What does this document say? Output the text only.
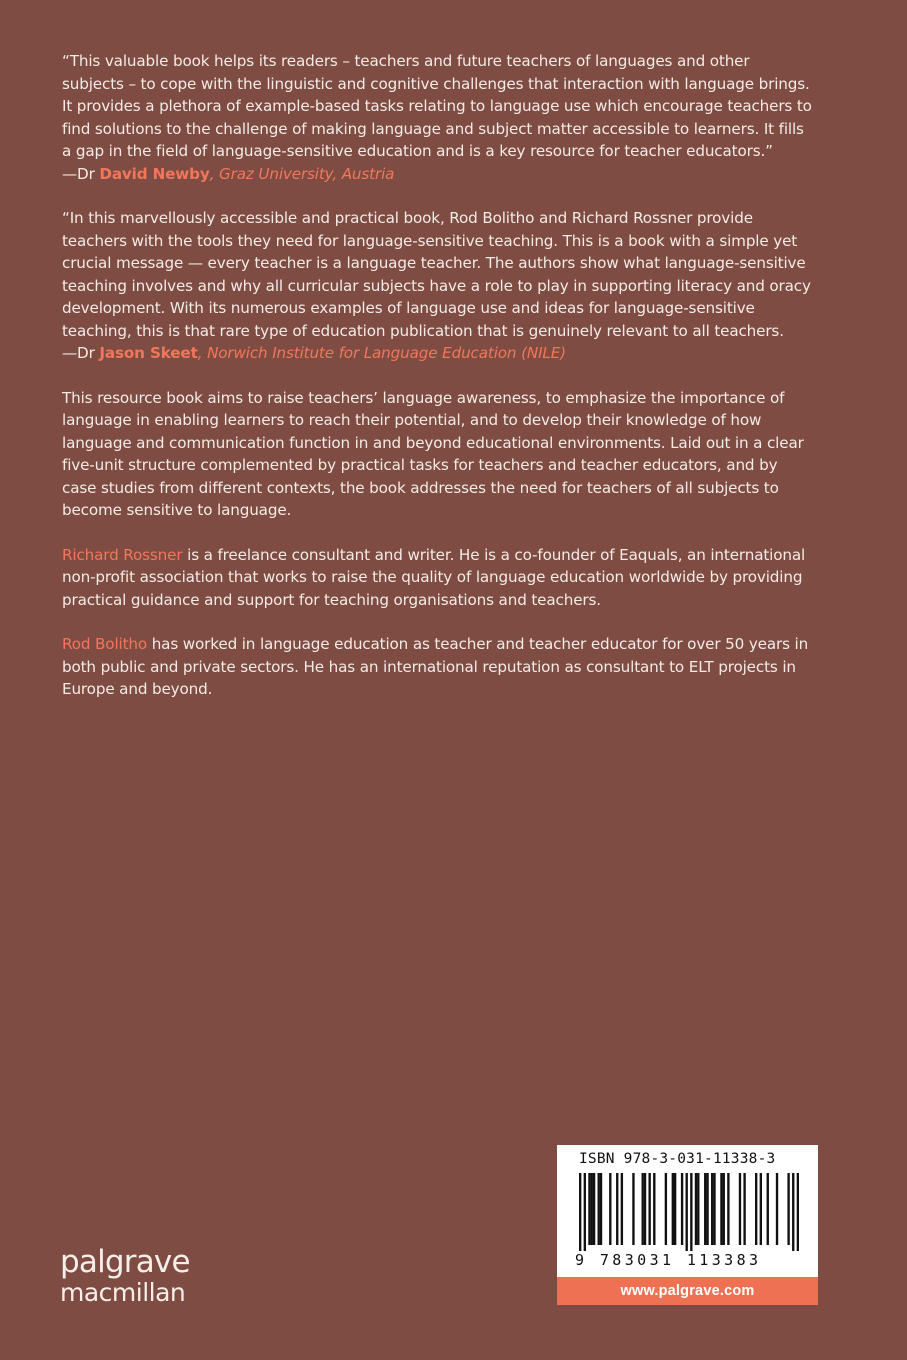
“This valuable book helps its readers – teachers and future teachers of languages and other subjects – to cope with the linguistic and cognitive challenges that interaction with language brings. It provides a plethora of example-based tasks relating to language use which encourage teachers to find solutions to the challenge of making language and subject matter accessible to learners. It fills a gap in the field of language-sensitive education and is a key resource for teacher educators.”

—Dr David Newby, Graz University, Austria

“In this marvellously accessible and practical book, Rod Bolitho and Richard Rossner provide teachers with the tools they need for language-sensitive teaching. This is a book with a simple yet crucial message — every teacher is a language teacher. The authors show what language-sensitive teaching involves and why all curricular subjects have a role to play in supporting literacy and oracy development. With its numerous examples of language use and ideas for language-sensitive teaching, this is that rare type of education publication that is genuinely relevant to all teachers.

—Dr Jason Skeet, Norwich Institute for Language Education (NILE)

This resource book aims to raise teachers’ language awareness, to emphasize the importance of language in enabling learners to reach their potential, and to develop their knowledge of how language and communication function in and beyond educational environments. Laid out in a clear five-unit structure complemented by practical tasks for teachers and teacher educators, and by case studies from different contexts, the book addresses the need for teachers of all subjects to become sensitive to language.

Richard Rossner is a freelance consultant and writer. He is a co-founder of Eaquals, an international non-profit association that works to raise the quality of language education worldwide by providing practical guidance and support for teaching organisations and teachers.

Rod Bolitho has worked in language education as teacher and teacher educator for over 50 years in both public and private sectors. He has an international reputation as consultant to ELT projects in Europe and beyond.

palgrave
macmillan
ISBN 978-3-031-11338-3
9 783031 113383
www.palgrave.com
